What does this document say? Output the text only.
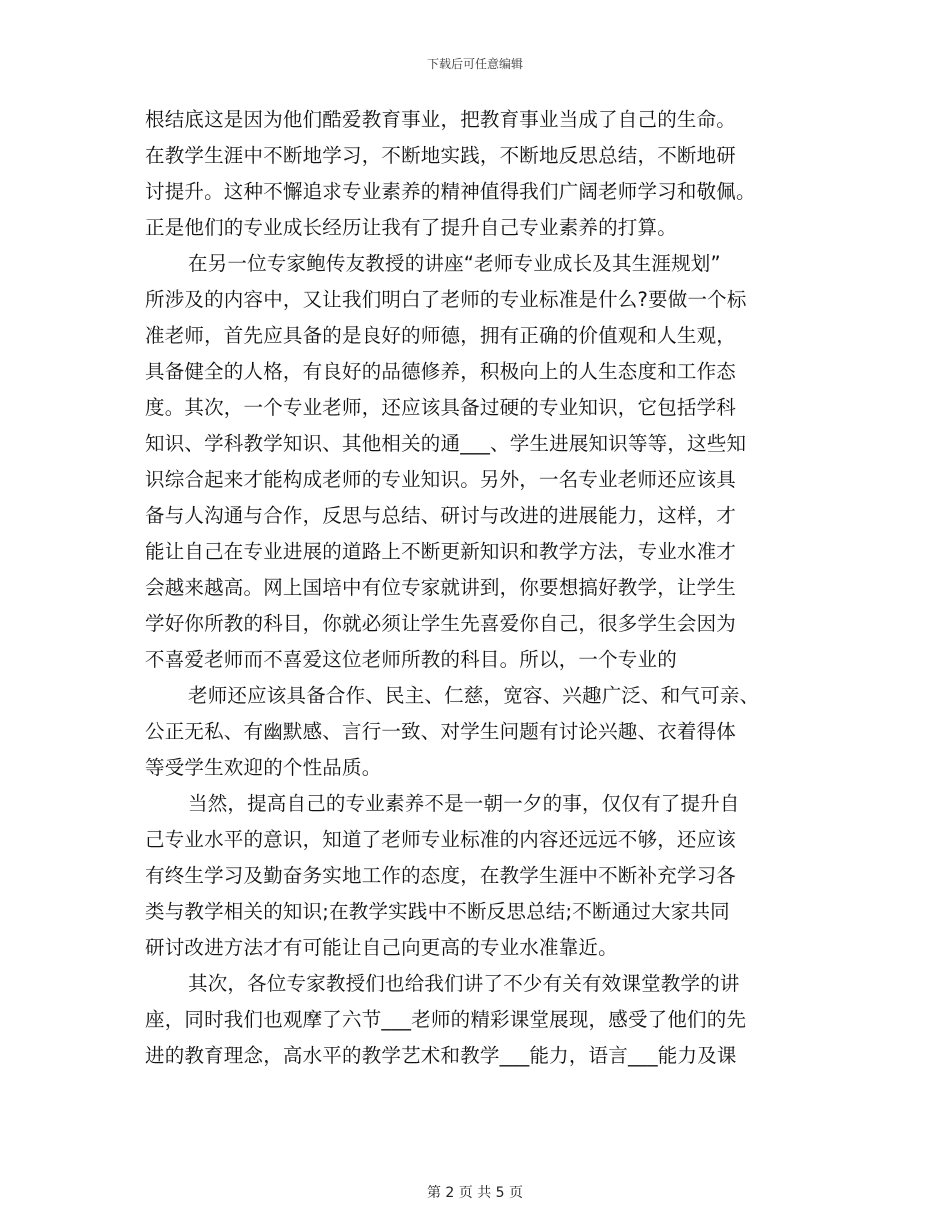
下载后可任意编辑
根结底这是因为他们酷爱教育事业，把教育事业当成了自己的生命。
在教学生涯中不断地学习，不断地实践，不断地反思总结，不断地研
讨提升。这种不懈追求专业素养的精神值得我们广阔老师学习和敬佩。
正是他们的专业成长经历让我有了提升自己专业素养的打算。
在另一位专家鲍传友教授的讲座“老师专业成长及其生涯规划”
所涉及的内容中，又让我们明白了老师的专业标准是什么?要做一个标
准老师，首先应具备的是良好的师德，拥有正确的价值观和人生观，
具备健全的人格，有良好的品德修养，积极向上的人生态度和工作态
度。其次，一个专业老师，还应该具备过硬的专业知识，它包括学科
知识、学科教学知识、其他相关的通___、学生进展知识等等，这些知
识综合起来才能构成老师的专业知识。另外，一名专业老师还应该具
备与人沟通与合作，反思与总结、研讨与改进的进展能力，这样，才
能让自己在专业进展的道路上不断更新知识和教学方法，专业水准才
会越来越高。网上国培中有位专家就讲到，你要想搞好教学，让学生
学好你所教的科目，你就必须让学生先喜爱你自己，很多学生会因为
不喜爱老师而不喜爱这位老师所教的科目。所以，一个专业的
老师还应该具备合作、民主、仁慈，宽容、兴趣广泛、和气可亲、
公正无私、有幽默感、言行一致、对学生问题有讨论兴趣、衣着得体
等受学生欢迎的个性品质。
当然，提高自己的专业素养不是一朝一夕的事，仅仅有了提升自
己专业水平的意识，知道了老师专业标准的内容还远远不够，还应该
有终生学习及勤奋务实地工作的态度，在教学生涯中不断补充学习各
类与教学相关的知识;在教学实践中不断反思总结;不断通过大家共同
研讨改进方法才有可能让自己向更高的专业水准靠近。
其次，各位专家教授们也给我们讲了不少有关有效课堂教学的讲
座，同时我们也观摩了六节___老师的精彩课堂展现，感受了他们的先
进的教育理念，高水平的教学艺术和教学___能力，语言___能力及课
第 2 页 共 5 页
